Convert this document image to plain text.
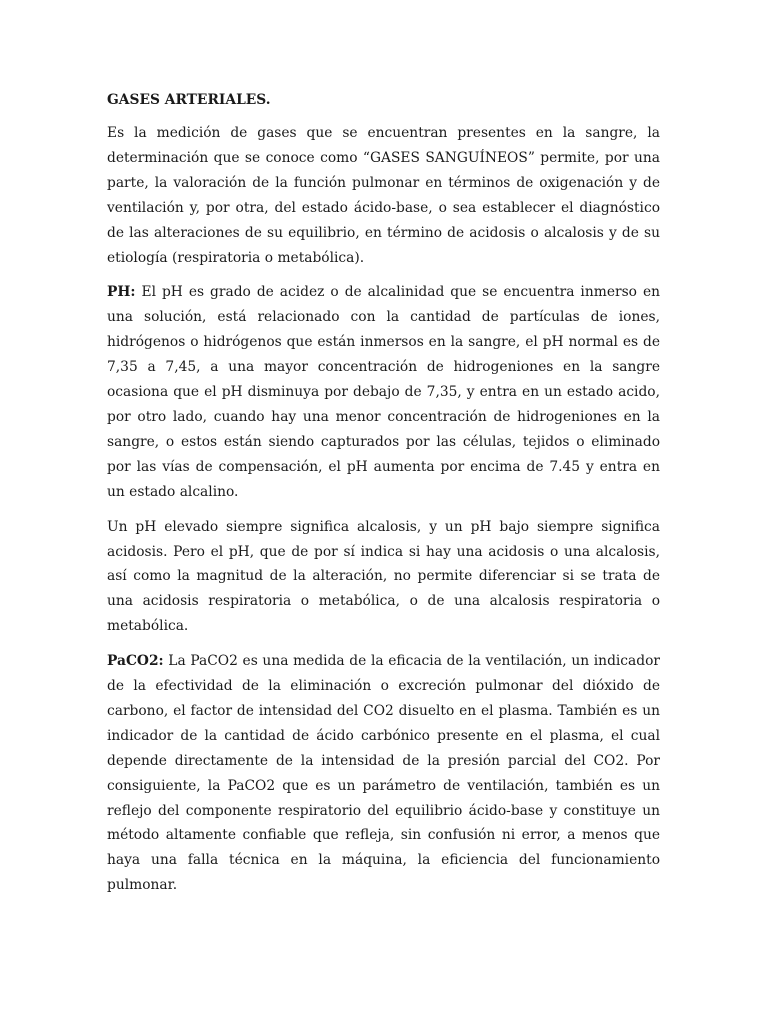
GASES ARTERIALES.

Es la medición de gases que se encuentran presentes en la sangre, la determinación que se conoce como “GASES SANGUÍNEOS” permite, por una parte, la valoración de la función pulmonar en términos de oxigenación y de ventilación y, por otra, del estado ácido-base, o sea establecer el diagnóstico de las alteraciones de su equilibrio, en término de acidosis o alcalosis y de su etiología (respiratoria o metabólica).

PH: El pH es grado de acidez o de alcalinidad que se encuentra inmerso en una solución, está relacionado con la cantidad de partículas de iones, hidrógenos o hidrógenos que están inmersos en la sangre, el pH normal es de 7,35 a 7,45, a una mayor concentración de hidrogeniones en la sangre ocasiona que el pH disminuya por debajo de 7,35, y entra en un estado acido, por otro lado, cuando hay una menor concentración de hidrogeniones en la sangre, o estos están siendo capturados por las células, tejidos o eliminado por las vías de compensación, el pH aumenta por encima de 7.45 y entra en un estado alcalino.

Un pH elevado siempre significa alcalosis, y un pH bajo siempre significa acidosis. Pero el pH, que de por sí indica si hay una acidosis o una alcalosis, así como la magnitud de la alteración, no permite diferenciar si se trata de una acidosis respiratoria o metabólica, o de una alcalosis respiratoria o metabólica.

PaCO2: La PaCO2 es una medida de la eficacia de la ventilación, un indicador de la efectividad de la eliminación o excreción pulmonar del dióxido de carbono, el factor de intensidad del CO2 disuelto en el plasma. También es un indicador de la cantidad de ácido carbónico presente en el plasma, el cual depende directamente de la intensidad de la presión parcial del CO2. Por consiguiente, la PaCO2 que es un parámetro de ventilación, también es un reflejo del componente respiratorio del equilibrio ácido-base y constituye un método altamente confiable que refleja, sin confusión ni error, a menos que haya una falla técnica en la máquina, la eficiencia del funcionamiento pulmonar.
